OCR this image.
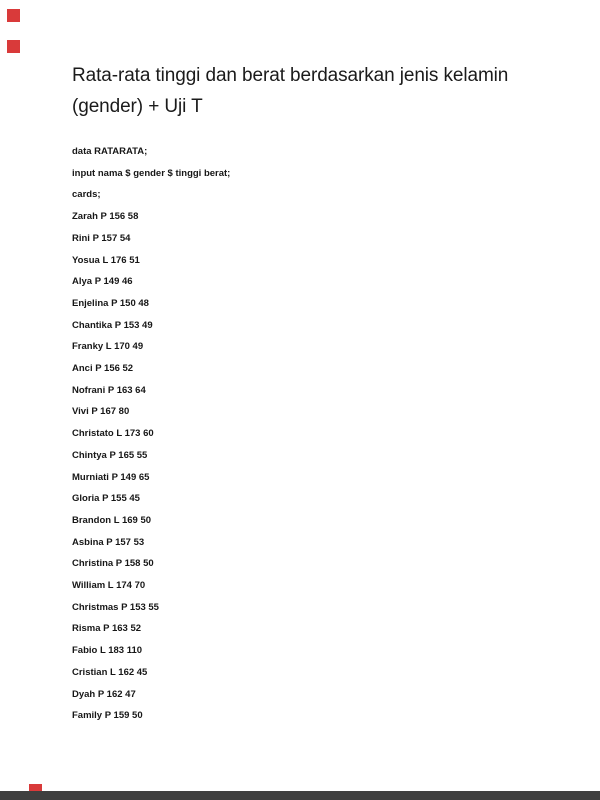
Rata-rata tinggi dan berat berdasarkan jenis kelamin
(gender) + Uji T
data RATARATA;
input nama $ gender $ tinggi berat;
cards;
Zarah P 156 58
Rini P 157 54
Yosua L 176 51
Alya P 149 46
Enjelina P 150 48
Chantika P 153 49
Franky L 170 49
Anci P 156 52
Nofrani P 163 64
Vivi P 167 80
Christato L 173 60
Chintya P 165 55
Murniati P 149 65
Gloria P 155 45
Brandon L 169 50
Asbina P 157 53
Christina P 158 50
William L 174 70
Christmas P 153 55
Risma P 163 52
Fabio L 183 110
Cristian L 162 45
Dyah P 162 47
Family P 159 50
